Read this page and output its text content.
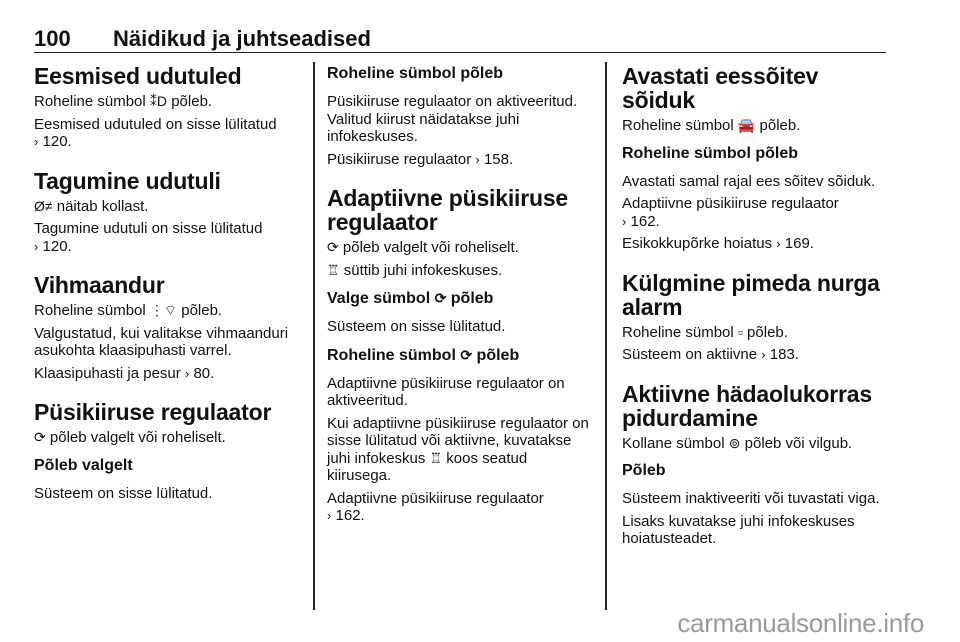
100 Näidikud ja juhtseadised
Eesmised udutuled

Roheline sümbol ⁑D põleb.

Eesmised udutuled on sisse lülitatud
› 120.

Tagumine udutuli

Ø≠ näitab kollast.

Tagumine udutuli on sisse lülitatud
› 120.

Vihmaandur

Roheline sümbol ⋮⌔ põleb.

Valgustatud, kui valitakse vihmaanduri asukohta klaasipuhasti varrel.

Klaasipuhasti ja pesur › 80.

Püsikiiruse regulaator

⟳ põleb valgelt või roheliselt.

Põleb valgelt

Süsteem on sisse lülitatud.

Roheline sümbol põleb

Püsikiiruse regulaator on aktiveeritud. Valitud kiirust näidatakse juhi infokeskuses.

Püsikiiruse regulaator › 158.

Adaptiivne püsikiiruse regulaator

⟳ põleb valgelt või roheliselt.

♖ süttib juhi infokeskuses.

Valge sümbol ⟳ põleb

Süsteem on sisse lülitatud.

Roheline sümbol ⟳ põleb

Adaptiivne püsikiiruse regulaator on aktiveeritud.

Kui adaptiivne püsikiiruse regulaator on sisse lülitatud või aktiivne, kuvatakse juhi infokeskus ♖ koos seatud kiirusega.

Adaptiivne püsikiiruse regulaator
› 162.

Avastati eessõitev sõiduk

Roheline sümbol 🚘 põleb.

Roheline sümbol põleb

Avastati samal rajal ees sõitev sõiduk.

Adaptiivne püsikiiruse regulaator
› 162.

Esikokkupõrke hoiatus › 169.

Külgmine pimeda nurga alarm

Roheline sümbol ▫ põleb.

Süsteem on aktiivne › 183.

Aktiivne hädaolukorras pidurdamine

Kollane sümbol ⊚ põleb või vilgub.

Põleb

Süsteem inaktiveeriti või tuvastati viga.

Lisaks kuvatakse juhi infokeskuses hoiatusteadet.

carmanualsonline.info
